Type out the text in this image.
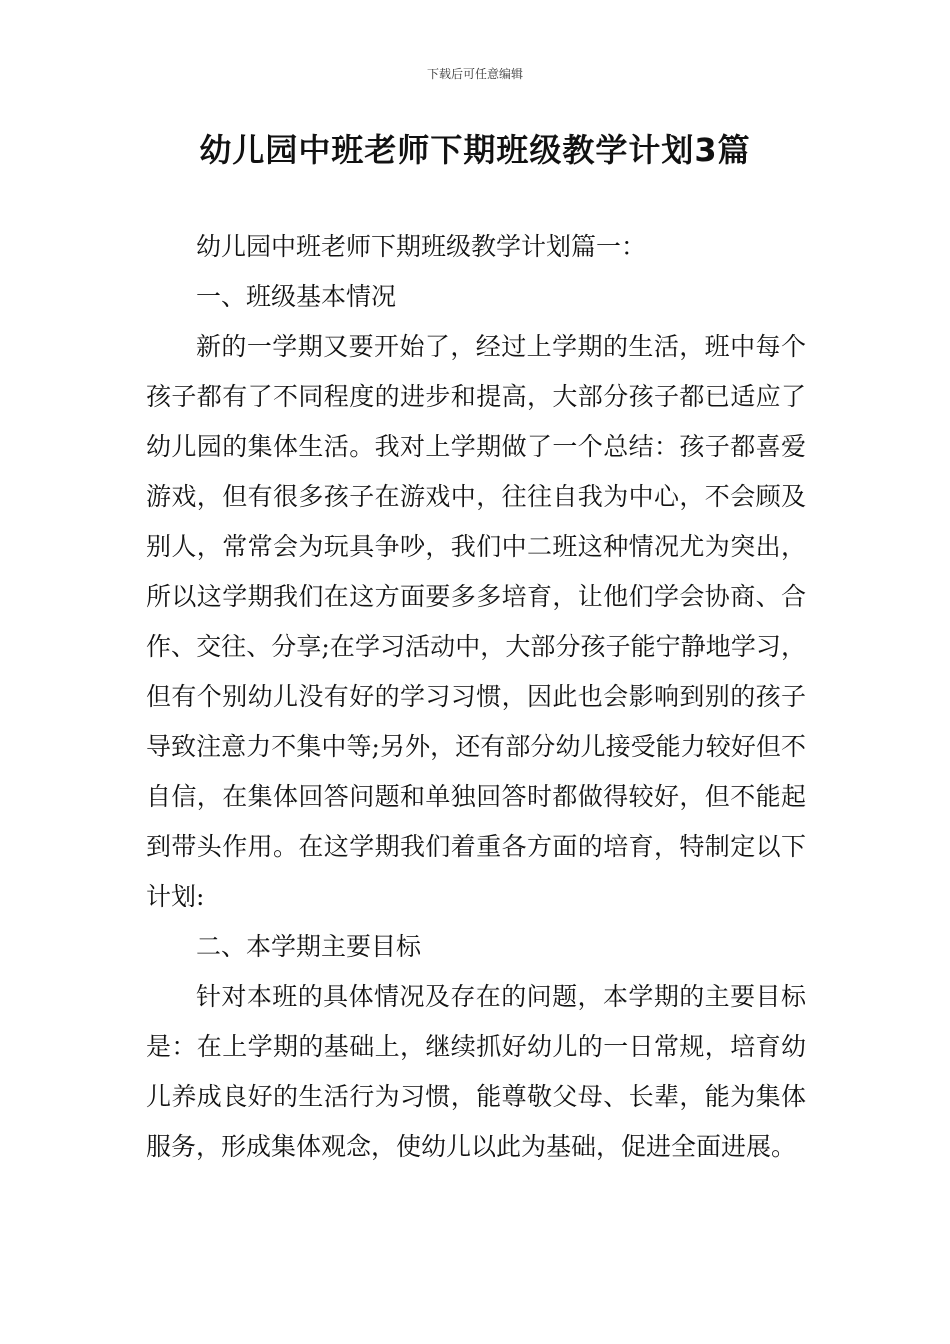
下载后可任意编辑
幼儿园中班老师下期班级教学计划3篇

幼儿园中班老师下期班级教学计划篇一：

一、班级基本情况

新的一学期又要开始了，经过上学期的生活，班中每个孩子都有了不同程度的进步和提高，大部分孩子都已适应了幼儿园的集体生活。我对上学期做了一个总结：孩子都喜爱游戏，但有很多孩子在游戏中，往往自我为中心，不会顾及别人，常常会为玩具争吵，我们中二班这种情况尤为突出，所以这学期我们在这方面要多多培育，让他们学会协商、合作、交往、分享;在学习活动中，大部分孩子能宁静地学习，但有个别幼儿没有好的学习习惯，因此也会影响到别的孩子导致注意力不集中等;另外，还有部分幼儿接受能力较好但不自信，在集体回答问题和单独回答时都做得较好，但不能起到带头作用。在这学期我们着重各方面的培育，特制定以下计划:

二、本学期主要目标

针对本班的具体情况及存在的问题，本学期的主要目标是：在上学期的基础上，继续抓好幼儿的一日常规，培育幼儿养成良好的生活行为习惯，能尊敬父母、长辈，能为集体服务，形成集体观念，使幼儿以此为基础，促进全面进展。
